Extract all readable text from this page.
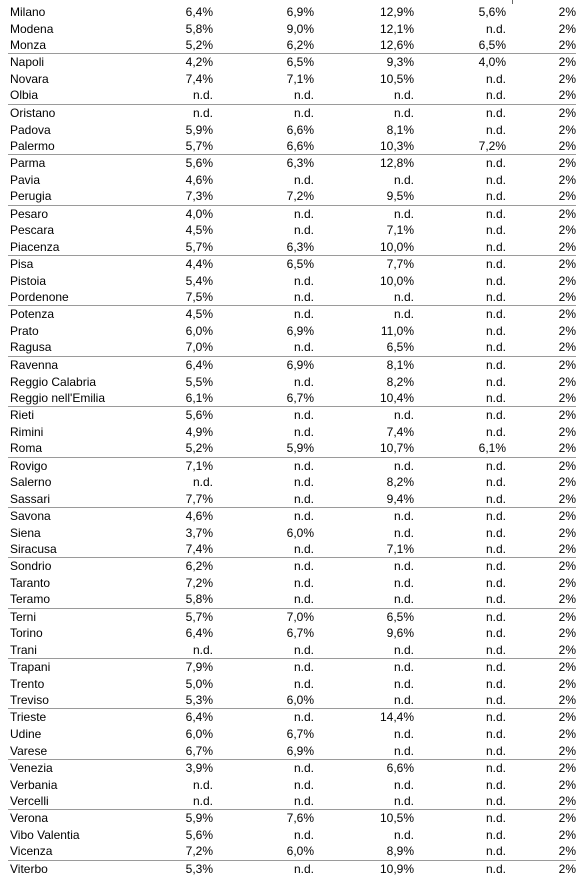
Milano	6,4%	6,9%	12,9%	5,6%	2%
Modena	5,8%	9,0%	12,1%	n.d.	2%
Monza	5,2%	6,2%	12,6%	6,5%	2%
Napoli	4,2%	6,5%	9,3%	4,0%	2%
Novara	7,4%	7,1%	10,5%	n.d.	2%
Olbia	n.d.	n.d.	n.d.	n.d.	2%
Oristano	n.d.	n.d.	n.d.	n.d.	2%
Padova	5,9%	6,6%	8,1%	n.d.	2%
Palermo	5,7%	6,6%	10,3%	7,2%	2%
Parma	5,6%	6,3%	12,8%	n.d.	2%
Pavia	4,6%	n.d.	n.d.	n.d.	2%
Perugia	7,3%	7,2%	9,5%	n.d.	2%
Pesaro	4,0%	n.d.	n.d.	n.d.	2%
Pescara	4,5%	n.d.	7,1%	n.d.	2%
Piacenza	5,7%	6,3%	10,0%	n.d.	2%
Pisa	4,4%	6,5%	7,7%	n.d.	2%
Pistoia	5,4%	n.d.	10,0%	n.d.	2%
Pordenone	7,5%	n.d.	n.d.	n.d.	2%
Potenza	4,5%	n.d.	n.d.	n.d.	2%
Prato	6,0%	6,9%	11,0%	n.d.	2%
Ragusa	7,0%	n.d.	6,5%	n.d.	2%
Ravenna	6,4%	6,9%	8,1%	n.d.	2%
Reggio Calabria	5,5%	n.d.	8,2%	n.d.	2%
Reggio nell'Emilia	6,1%	6,7%	10,4%	n.d.	2%
Rieti	5,6%	n.d.	n.d.	n.d.	2%
Rimini	4,9%	n.d.	7,4%	n.d.	2%
Roma	5,2%	5,9%	10,7%	6,1%	2%
Rovigo	7,1%	n.d.	n.d.	n.d.	2%
Salerno	n.d.	n.d.	8,2%	n.d.	2%
Sassari	7,7%	n.d.	9,4%	n.d.	2%
Savona	4,6%	n.d.	n.d.	n.d.	2%
Siena	3,7%	6,0%	n.d.	n.d.	2%
Siracusa	7,4%	n.d.	7,1%	n.d.	2%
Sondrio	6,2%	n.d.	n.d.	n.d.	2%
Taranto	7,2%	n.d.	n.d.	n.d.	2%
Teramo	5,8%	n.d.	n.d.	n.d.	2%
Terni	5,7%	7,0%	6,5%	n.d.	2%
Torino	6,4%	6,7%	9,6%	n.d.	2%
Trani	n.d.	n.d.	n.d.	n.d.	2%
Trapani	7,9%	n.d.	n.d.	n.d.	2%
Trento	5,0%	n.d.	n.d.	n.d.	2%
Treviso	5,3%	6,0%	n.d.	n.d.	2%
Trieste	6,4%	n.d.	14,4%	n.d.	2%
Udine	6,0%	6,7%	n.d.	n.d.	2%
Varese	6,7%	6,9%	n.d.	n.d.	2%
Venezia	3,9%	n.d.	6,6%	n.d.	2%
Verbania	n.d.	n.d.	n.d.	n.d.	2%
Vercelli	n.d.	n.d.	n.d.	n.d.	2%
Verona	5,9%	7,6%	10,5%	n.d.	2%
Vibo Valentia	5,6%	n.d.	n.d.	n.d.	2%
Vicenza	7,2%	6,0%	8,9%	n.d.	2%
Viterbo	5,3%	n.d.	10,9%	n.d.	2%
